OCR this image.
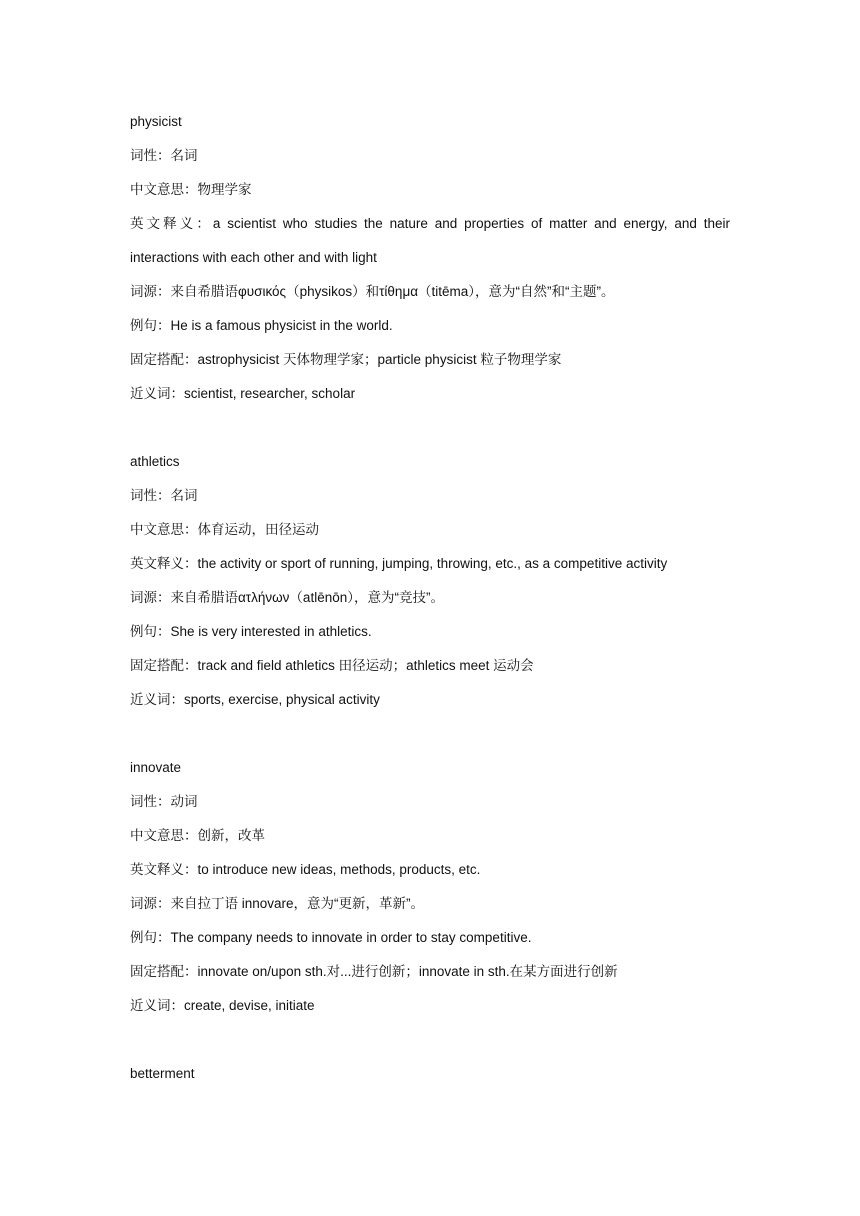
physicist
词性：名词
中文意思：物理学家
英文释义：a scientist who studies the nature and properties of matter and energy, and their interactions with each other and with light
词源：来自希腊语φυσικός（physikos）和τίθημα（titēma），意为“自然”和“主题”。
例句：He is a famous physicist in the world.
固定搭配：astrophysicist 天体物理学家；particle physicist 粒子物理学家
近义词：scientist, researcher, scholar
athletics
词性：名词
中文意思：体育运动，田径运动
英文释义：the activity or sport of running, jumping, throwing, etc., as a competitive activity
词源：来自希腊语ατλήνων（atlēnōn），意为“竞技”。
例句：She is very interested in athletics.
固定搭配：track and field athletics 田径运动；athletics meet 运动会
近义词：sports, exercise, physical activity
innovate
词性：动词
中文意思：创新，改革
英文释义：to introduce new ideas, methods, products, etc.
词源：来自拉丁语 innovare，意为“更新，革新”。
例句：The company needs to innovate in order to stay competitive.
固定搭配：innovate on/upon sth.对...进行创新；innovate in sth.在某方面进行创新
近义词：create, devise, initiate
betterment
